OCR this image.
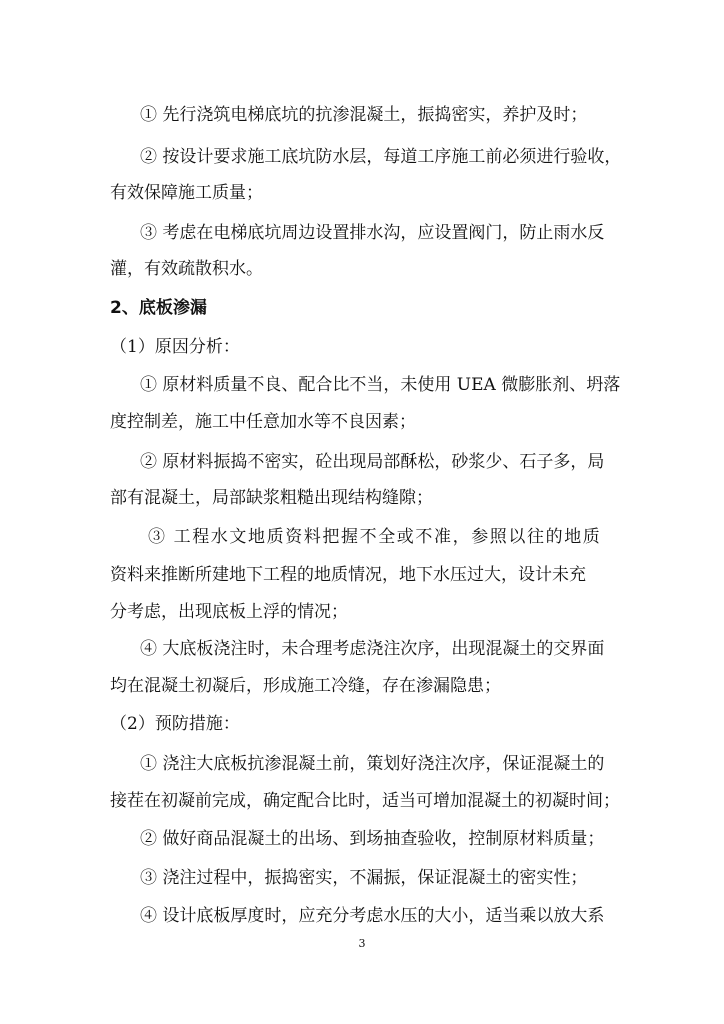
① 先行浇筑电梯底坑的抗渗混凝土，振捣密实，养护及时；
② 按设计要求施工底坑防水层，每道工序施工前必须进行验收，
有效保障施工质量；
③ 考虑在电梯底坑周边设置排水沟，应设置阀门，防止雨水反
灌，有效疏散积水。
2、底板渗漏
（1）原因分析：
① 原材料质量不良、配合比不当，未使用 UEA 微膨胀剂、坍落
度控制差，施工中任意加水等不良因素；
② 原材料振捣不密实，砼出现局部酥松，砂浆少、石子多，局
部有混凝土，局部缺浆粗糙出现结构缝隙；
③ 工程水文地质资料把握不全或不准，参照以往的地质
资料来推断所建地下工程的地质情况，地下水压过大，设计未充
分考虑，出现底板上浮的情况；
④ 大底板浇注时，未合理考虑浇注次序，出现混凝土的交界面
均在混凝土初凝后，形成施工冷缝，存在渗漏隐患；
（2）预防措施：
① 浇注大底板抗渗混凝土前，策划好浇注次序，保证混凝土的
接茬在初凝前完成，确定配合比时，适当可增加混凝土的初凝时间；
② 做好商品混凝土的出场、到场抽查验收，控制原材料质量；
③ 浇注过程中，振捣密实，不漏振，保证混凝土的密实性；
④ 设计底板厚度时，应充分考虑水压的大小，适当乘以放大系
3
